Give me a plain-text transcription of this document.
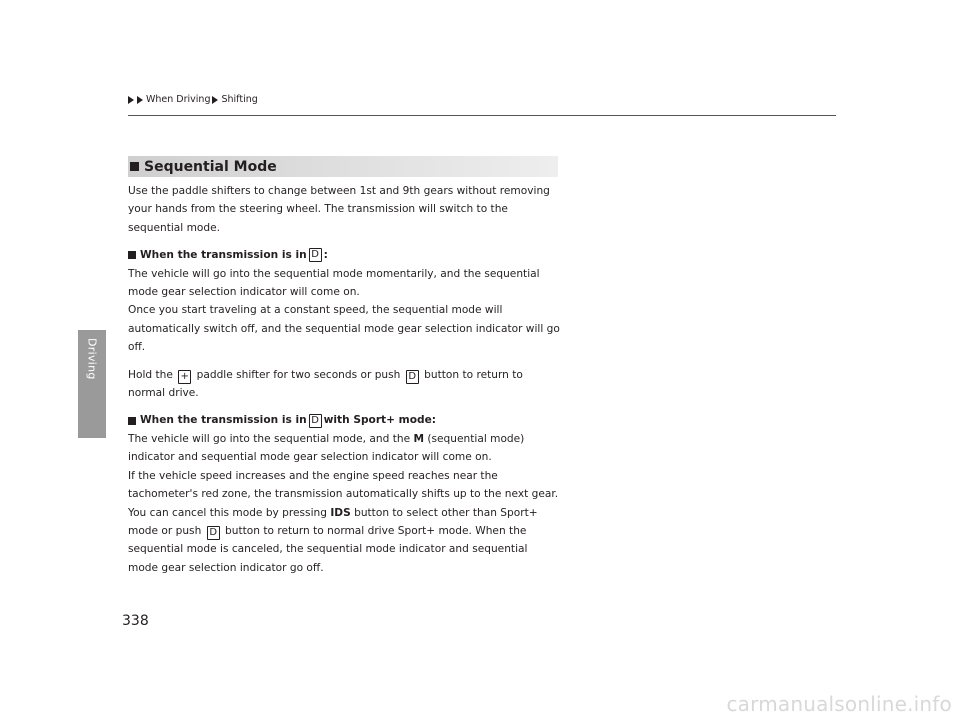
Driving
When Driving Shifting
Sequential Mode

Use the paddle shifters to change between 1st and 9th gears without removing your hands from the steering wheel. The transmission will switch to the sequential mode.

When the transmission is in D :

The vehicle will go into the sequential mode momentarily, and the sequential mode gear selection indicator will come on.

Once you start traveling at a constant speed, the sequential mode will automatically switch off, and the sequential mode gear selection indicator will go off.

Hold the + paddle shifter for two seconds or push D button to return to normal drive.

When the transmission is in D with Sport+ mode:

The vehicle will go into the sequential mode, and the M (sequential mode) indicator and sequential mode gear selection indicator will come on.

If the vehicle speed increases and the engine speed reaches near the tachometer's red zone, the transmission automatically shifts up to the next gear.

You can cancel this mode by pressing IDS button to select other than Sport+ mode or push D button to return to normal drive Sport+ mode. When the sequential mode is canceled, the sequential mode indicator and sequential mode gear selection indicator go off.

338
carmanualsonline.info
